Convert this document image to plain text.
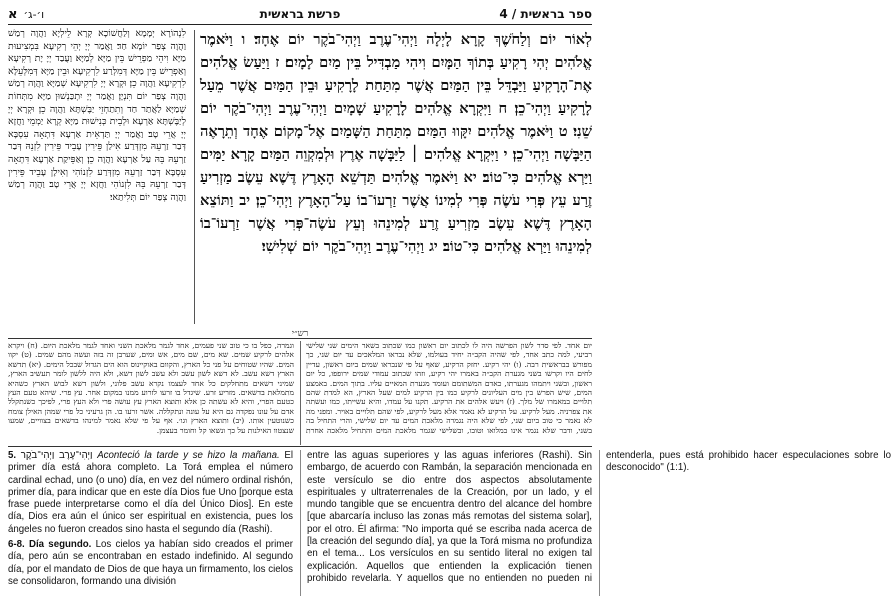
א ו׳-ג׳	פרשת בראשית	ספר בראשית / 4
לִנְהוֹרָא יְמָמָא וְלַחֲשׁוֹכָא קְרָא לֵילְיָא וַהֲוָה רְמַשׁ וַהֲוָה צְפַר יוֹמָא חַד׃ וַאֲמַר יְיָ יְהֵי רְקִיעָא בִּמְצִיעוּת מַיָּא וִיהֵי מַפְרֵישׁ בֵּין מַיָּא לְמַיָּא׃ וַעֲבַד יְיָ יָת רְקִיעָא וְאַפְרֵישׁ בֵּין מַיָּא דְּמִלְּרַע לִרְקִיעָא וּבֵין מַיָּא דְּמִלְּעֵלָּא לִרְקִיעָא וַהֲוָה כֵן׃ וּקְרָא יְיָ לִרְקִיעָא שְׁמַיָּא וַהֲוָה רְמַשׁ וַהֲוָה צְפַר יוֹם תִּנְיָן׃ וַאֲמַר יְיָ יִתְכַּנְשׁוּן מַיָּא מִתְּחוֹת שְׁמַיָּא לַאֲתַר חַד וְתִתַחְזֵי יַבֶּשְׁתָּא וַהֲוָה כֵן׃ וּקְרָא יְיָ לְיַבֶּשְׁתָּא אַרְעָא וּלְבֵית כְּנִישׁוּת מַיָּא קְרָא יַמְמֵי וַחֲזָא יְיָ אֲרֵי טָב׃ וַאֲמַר יְיָ תַּדְאֵית אַרְעָא דִּתְאָה עִסְבָּא דְּבַר זַרְעֵהּ מִזְדְּרַע אִילַן פֵּירִין עָבֵיד פֵּירִין לִזְנֵהּ דְּבַר זַרְעֵהּ בֵּהּ עַל אַרְעָא וַהֲוָה כֵן׃ וְאַפֵּיקַת אַרְעָא דִּתְאָה עִסְבָּא דְּבַר זַרְעֵהּ מִזְדְּרַע לִזְנוֹהִי וְאִילָן עָבֵיד פֵּירִין דְּבַר זַרְעֵהּ בֵּהּ לִזְנוֹהִי וַחֲזָא יְיָ אֲרֵי טָב׃ וַהֲוָה רְמַשׁ וַהֲוָה צְפַר יוֹם תְּלִיתַאי׃
לְאוֹר יוֹם וְלַחֹשֶׁךְ קָרָא לָיְלָה וַיְהִי־עֶרֶב וַיְהִי־בֹקֶר יוֹם אֶחָד׃ ו וַיֹּאמֶר אֱלֹהִים יְהִי רָקִיעַ בְּתוֹךְ הַמָּיִם וִיהִי מַבְדִּיל בֵּין מַיִם לָמָיִם׃ ז וַיַּעַשׂ אֱלֹהִים אֶת־הָרָקִיעַ וַיַּבְדֵּל בֵּין הַמַּיִם אֲשֶׁר מִתַּחַת לָרָקִיעַ וּבֵין הַמַּיִם אֲשֶׁר מֵעַל לָרָקִיעַ וַיְהִי־כֵן׃ ח וַיִּקְרָא אֱלֹהִים לָרָקִיעַ שָׁמָיִם וַיְהִי־עֶרֶב וַיְהִי־בֹקֶר יוֹם שֵׁנִי׃ ט וַיֹּאמֶר אֱלֹהִים יִקָּווּ הַמַּיִם מִתַּחַת הַשָּׁמַיִם אֶל־מָקוֹם אֶחָד וְתֵרָאֶה הַיַּבָּשָׁה וַיְהִי־כֵן׃ י וַיִּקְרָא אֱלֹהִים ׀ לַיַּבָּשָׁה אֶרֶץ וּלְמִקְוֵה הַמַּיִם קָרָא יַמִּים וַיַּרְא אֱלֹהִים כִּי־טוֹב׃ יא וַיֹּאמֶר אֱלֹהִים תַּדְשֵׁא הָאָרֶץ דֶּשֶׁא עֵשֶׂב מַזְרִיעַ זֶרַע עֵץ פְּרִי עֹשֶׂה פְּרִי לְמִינוֹ אֲשֶׁר זַרְעוֹ־בוֹ עַל־הָאָרֶץ וַיְהִי־כֵן׃ יב וַתּוֹצֵא הָאָרֶץ דֶּשֶׁא עֵשֶׂב מַזְרִיעַ זֶרַע לְמִינֵהוּ וְעֵץ עֹשֶׂה־פְּרִי אֲשֶׁר זַרְעוֹ־בוֹ לְמִינֵהוּ וַיַּרְא אֱלֹהִים כִּי־טוֹב׃ יג וַיְהִי־עֶרֶב וַיְהִי־בֹקֶר יוֹם שְׁלִישִׁי׃
רש״י
יום אחד. לפי סדר לשון הפרשה היה לו לכתוב יום ראשון כמו שכתוב בשאר הימים שני שלישי רביעי, למה כתב אחד, לפי שהיה הקב״ה יחיד בעולמו, שלא נבראו המלאכים עד יום שני, כך מפורש בבראשית רבה. (ו) יהי רקיע. יחזק הרקיע, שאף על פי שנבראו שמים ביום ראשון, עדיין לחים היו וקרשו בשני מגערת הקב״ה באמרו יהי רקיע, וזהו שכתוב עמודי שמים ירופפו, כל יום ראשון, ובשני ויתמהו מגערתו, כאדם המשתומם ועומד מגערת המאיים עליו. בתוך המים. באמצע המים, שיש הפרש בין מים העליונים לרקיע כמו בין הרקיע למים שעל הארץ, הא למדת שהם תלויים במאמרו של מלך. (ז) ויעש אלהים את הרקיע. תקנו על עמדו, והיא עשייתו, כמו ועשתה את צפרניה. מעל לרקיע. על הרקיע לא נאמר אלא מעל לרקיע, לפי שהם תלויים באויר. ומפני מה לא נאמר כי טוב ביום שני, לפי שלא היה נגמרה מלאכת המים עד יום שלישי, והרי התחיל בה בשני, ודבר שלא נגמר אינו במלואו וטובו, ובשלישי שגמר מלאכת המים והתחיל מלאכה אחרת וגמרה, כפל בו כי טוב שני פעמים, אחד לגמר מלאכת השני ואחד לגמר מלאכת היום. (ח) ויקרא אלהים לרקיע שמים. שא מים, שם מים, אש ומים, שערבן זה בזה ועשה מהם שמים. (ט) יקוו המים. שהיו שטוחים על פני כל הארץ, והקוום באוקיינוס הוא הים הגדול שבכל הימים. (יא) תדשא הארץ דשא עשב. לא דשא לשון עשב ולא עשב לשון דשא, ולא היה ללשון לומר תעשיב הארץ, שמיני דשאים מתחלקים כל אחד לעצמו נקרא עשב פלוני, ולשון דשא לבוש הארץ כשהיא מתמלאת בדשאים. מזריע זרע. שיגדל בו זרעו לזרוע ממנו במקום אחר. עץ פרי. שיהא טעם העץ כטעם הפרי, והיא לא עשתה כן אלא ותוצא הארץ עץ עושה פרי ולא העץ פרי, לפיכך כשנתקלל אדם על עונו נפקדה גם היא על עונה ונתקללה. אשר זרעו בו. הן גרעיני כל פרי שמהן האילן צומח כשנוטעין אותו. (יב) ותוצא הארץ וגו׳. אף על פי שלא נאמר למינהו בדשאים בצוויים, שמעו שנצטוו האילנות על כך ונשאו קל וחומר בעצמן.

5. וַיְהִי־עֶרֶב וַיְהִי־בֹקֶר Aconteció la tarde y se hizo la mañana. El primer día está ahora completo. La Torá emplea el número cardinal echad, uno (o uno) día, en vez del número ordinal rishón, primer día, para indicar que en este día Dios fue Uno [porque esta frase puede interpretarse como el día del Único Dios]. En este día, Dios era aún el único ser espiritual en existencia, pues los ángeles no fueron creados sino hasta el segundo día (Rashi).

6-8. Día segundo. Los cielos ya habían sido creados el primer día, pero aún se encontraban en estado indefinido. Al segundo día, por el mandato de Dios de que haya un firmamento, los cielos se consolidaron, formando una división

entre las aguas superiores y las aguas inferiores (Rashi). Sin embargo, de acuerdo con Rambán, la separación mencionada en este versículo se dio entre dos aspectos absolutamente espirituales y ultraterrenales de la Creación, por un lado, y el mundo tangible que se encuentra dentro del alcance del hombre [que abarcaría incluso las zonas más remotas del sistema solar], por el otro. Él afirma: "No importa qué se escriba nada acerca de [la creación del segundo día], ya que la Torá misma no profundiza en el tema... Los versículos en su sentido literal no exigen tal explicación. Aquellos que entienden la explicación tienen prohibido revelarla. Y aquellos que no entienden no pueden ni entenderla, pues está prohibido hacer especulaciones sobre lo desconocido" (1:1).
